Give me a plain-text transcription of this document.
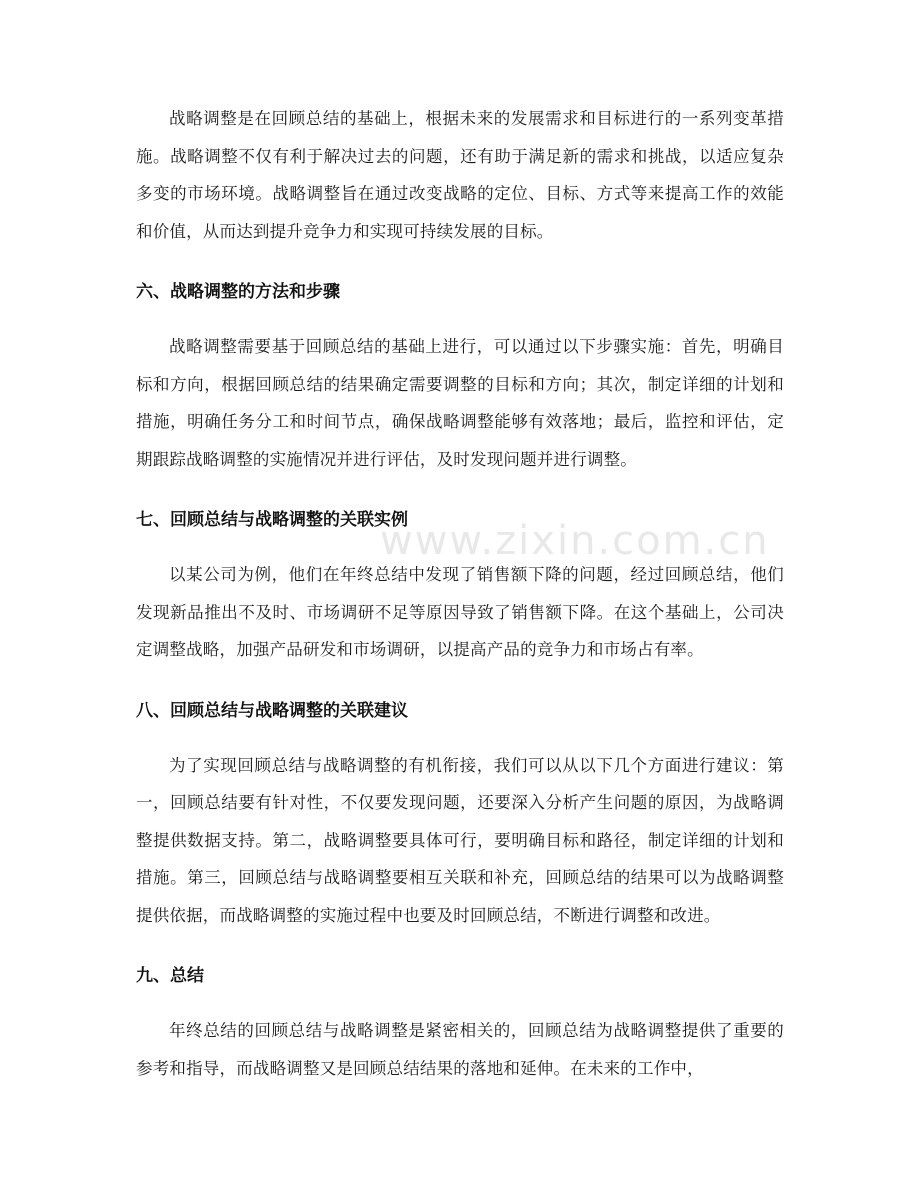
www.zixin.com.cn

战略调整是在回顾总结的基础上，根据未来的发展需求和目标进行的一系列变革措施。战略调整不仅有利于解决过去的问题，还有助于满足新的需求和挑战，以适应复杂多变的市场环境。战略调整旨在通过改变战略的定位、目标、方式等来提高工作的效能和价值，从而达到提升竞争力和实现可持续发展的目标。

六、战略调整的方法和步骤

战略调整需要基于回顾总结的基础上进行，可以通过以下步骤实施：首先，明确目标和方向，根据回顾总结的结果确定需要调整的目标和方向；其次，制定详细的计划和措施，明确任务分工和时间节点，确保战略调整能够有效落地；最后，监控和评估，定期跟踪战略调整的实施情况并进行评估，及时发现问题并进行调整。

七、回顾总结与战略调整的关联实例

以某公司为例，他们在年终总结中发现了销售额下降的问题，经过回顾总结，他们发现新品推出不及时、市场调研不足等原因导致了销售额下降。在这个基础上，公司决定调整战略，加强产品研发和市场调研，以提高产品的竞争力和市场占有率。

八、回顾总结与战略调整的关联建议

为了实现回顾总结与战略调整的有机衔接，我们可以从以下几个方面进行建议：第一，回顾总结要有针对性，不仅要发现问题，还要深入分析产生问题的原因，为战略调整提供数据支持。第二，战略调整要具体可行，要明确目标和路径，制定详细的计划和措施。第三，回顾总结与战略调整要相互关联和补充，回顾总结的结果可以为战略调整提供依据，而战略调整的实施过程中也要及时回顾总结，不断进行调整和改进。

九、总结

年终总结的回顾总结与战略调整是紧密相关的，回顾总结为战略调整提供了重要的参考和指导，而战略调整又是回顾总结结果的落地和延伸。在未来的工作中，
